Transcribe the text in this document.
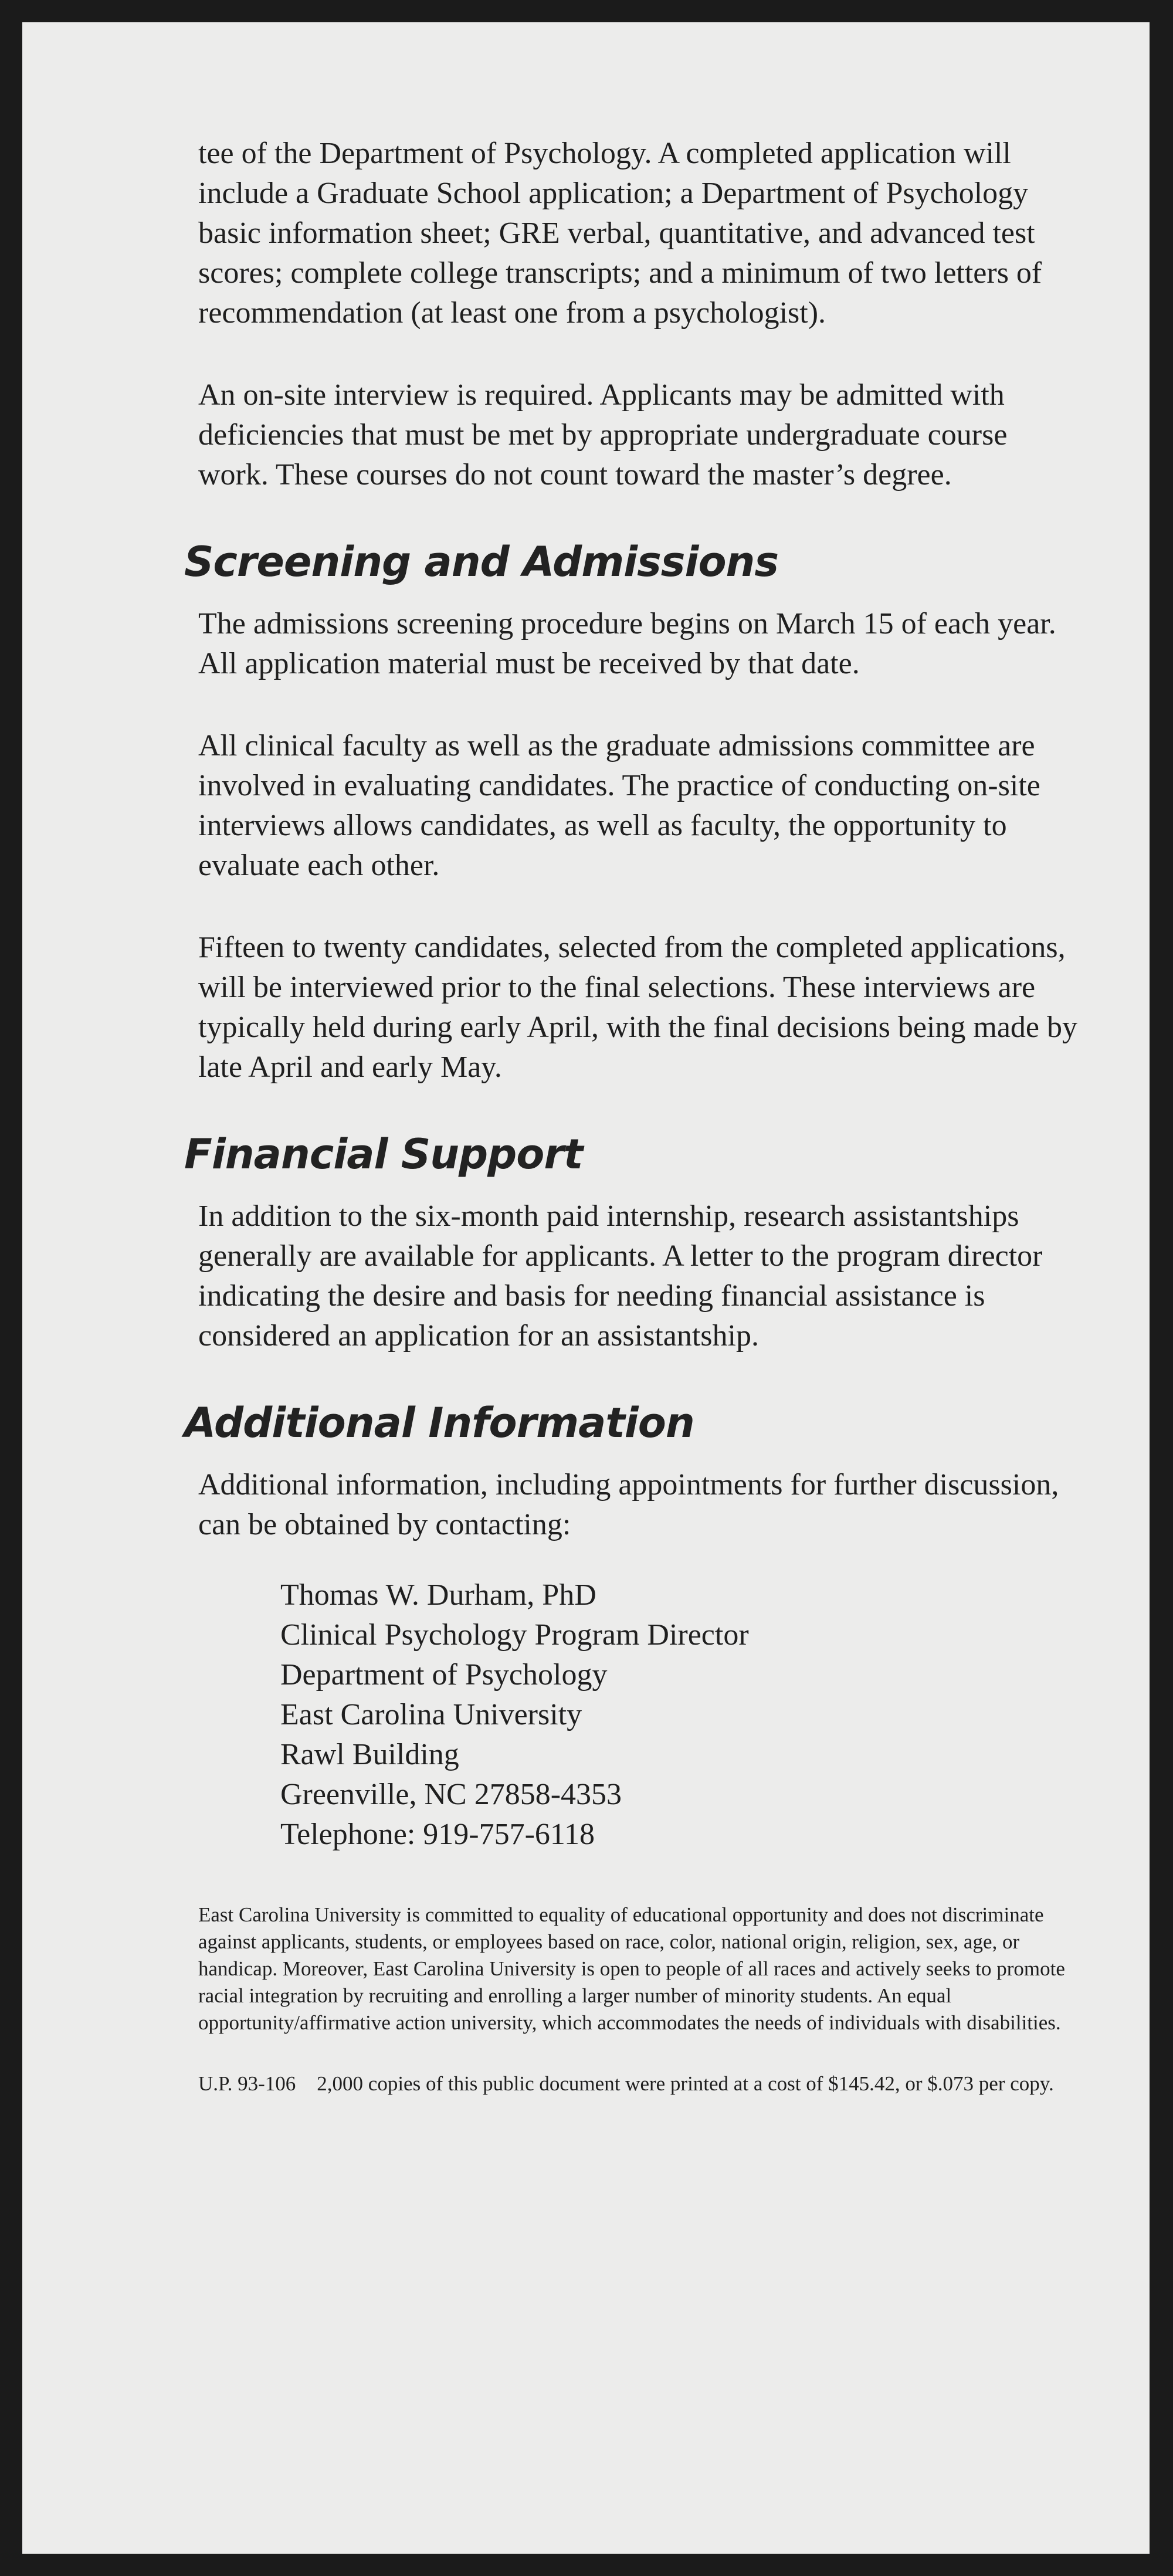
tee of the Department of Psychology. A completed application will include a Graduate School application; a Department of Psychology basic information sheet; GRE verbal, quantitative, and advanced test scores; complete college transcripts; and a minimum of two letters of recommendation (at least one from a psychologist).

An on-site interview is required. Applicants may be admitted with deficiencies that must be met by appropriate undergraduate course work. These courses do not count toward the master’s degree.

Screening and Admissions

The admissions screening procedure begins on March 15 of each year. All application material must be received by that date.

All clinical faculty as well as the graduate admissions committee are involved in evaluating candidates. The practice of conducting on-site interviews allows candidates, as well as faculty, the opportunity to evaluate each other.

Fifteen to twenty candidates, selected from the completed applications, will be interviewed prior to the final selections. These interviews are typically held during early April, with the final decisions being made by late April and early May.

Financial Support

In addition to the six-month paid internship, research assistantships generally are available for applicants. A letter to the program director indicating the desire and basis for needing financial assistance is considered an application for an assistantship.

Additional Information

Additional information, including appointments for further discussion, can be obtained by contacting:

Thomas W. Durham, PhD
Clinical Psychology Program Director
Department of Psychology
East Carolina University
Rawl Building
Greenville, NC 27858-4353
Telephone: 919-757-6118

East Carolina University is committed to equality of educational opportunity and does not discriminate against applicants, students, or employees based on race, color, national origin, religion, sex, age, or handicap. Moreover, East Carolina University is open to people of all races and actively seeks to promote racial integration by recruiting and enrolling a larger number of minority students. An equal opportunity/affirmative action university, which accommodates the needs of individuals with disabilities.

U.P. 93-106 2,000 copies of this public document were printed at a cost of $145.42, or $.073 per copy.
